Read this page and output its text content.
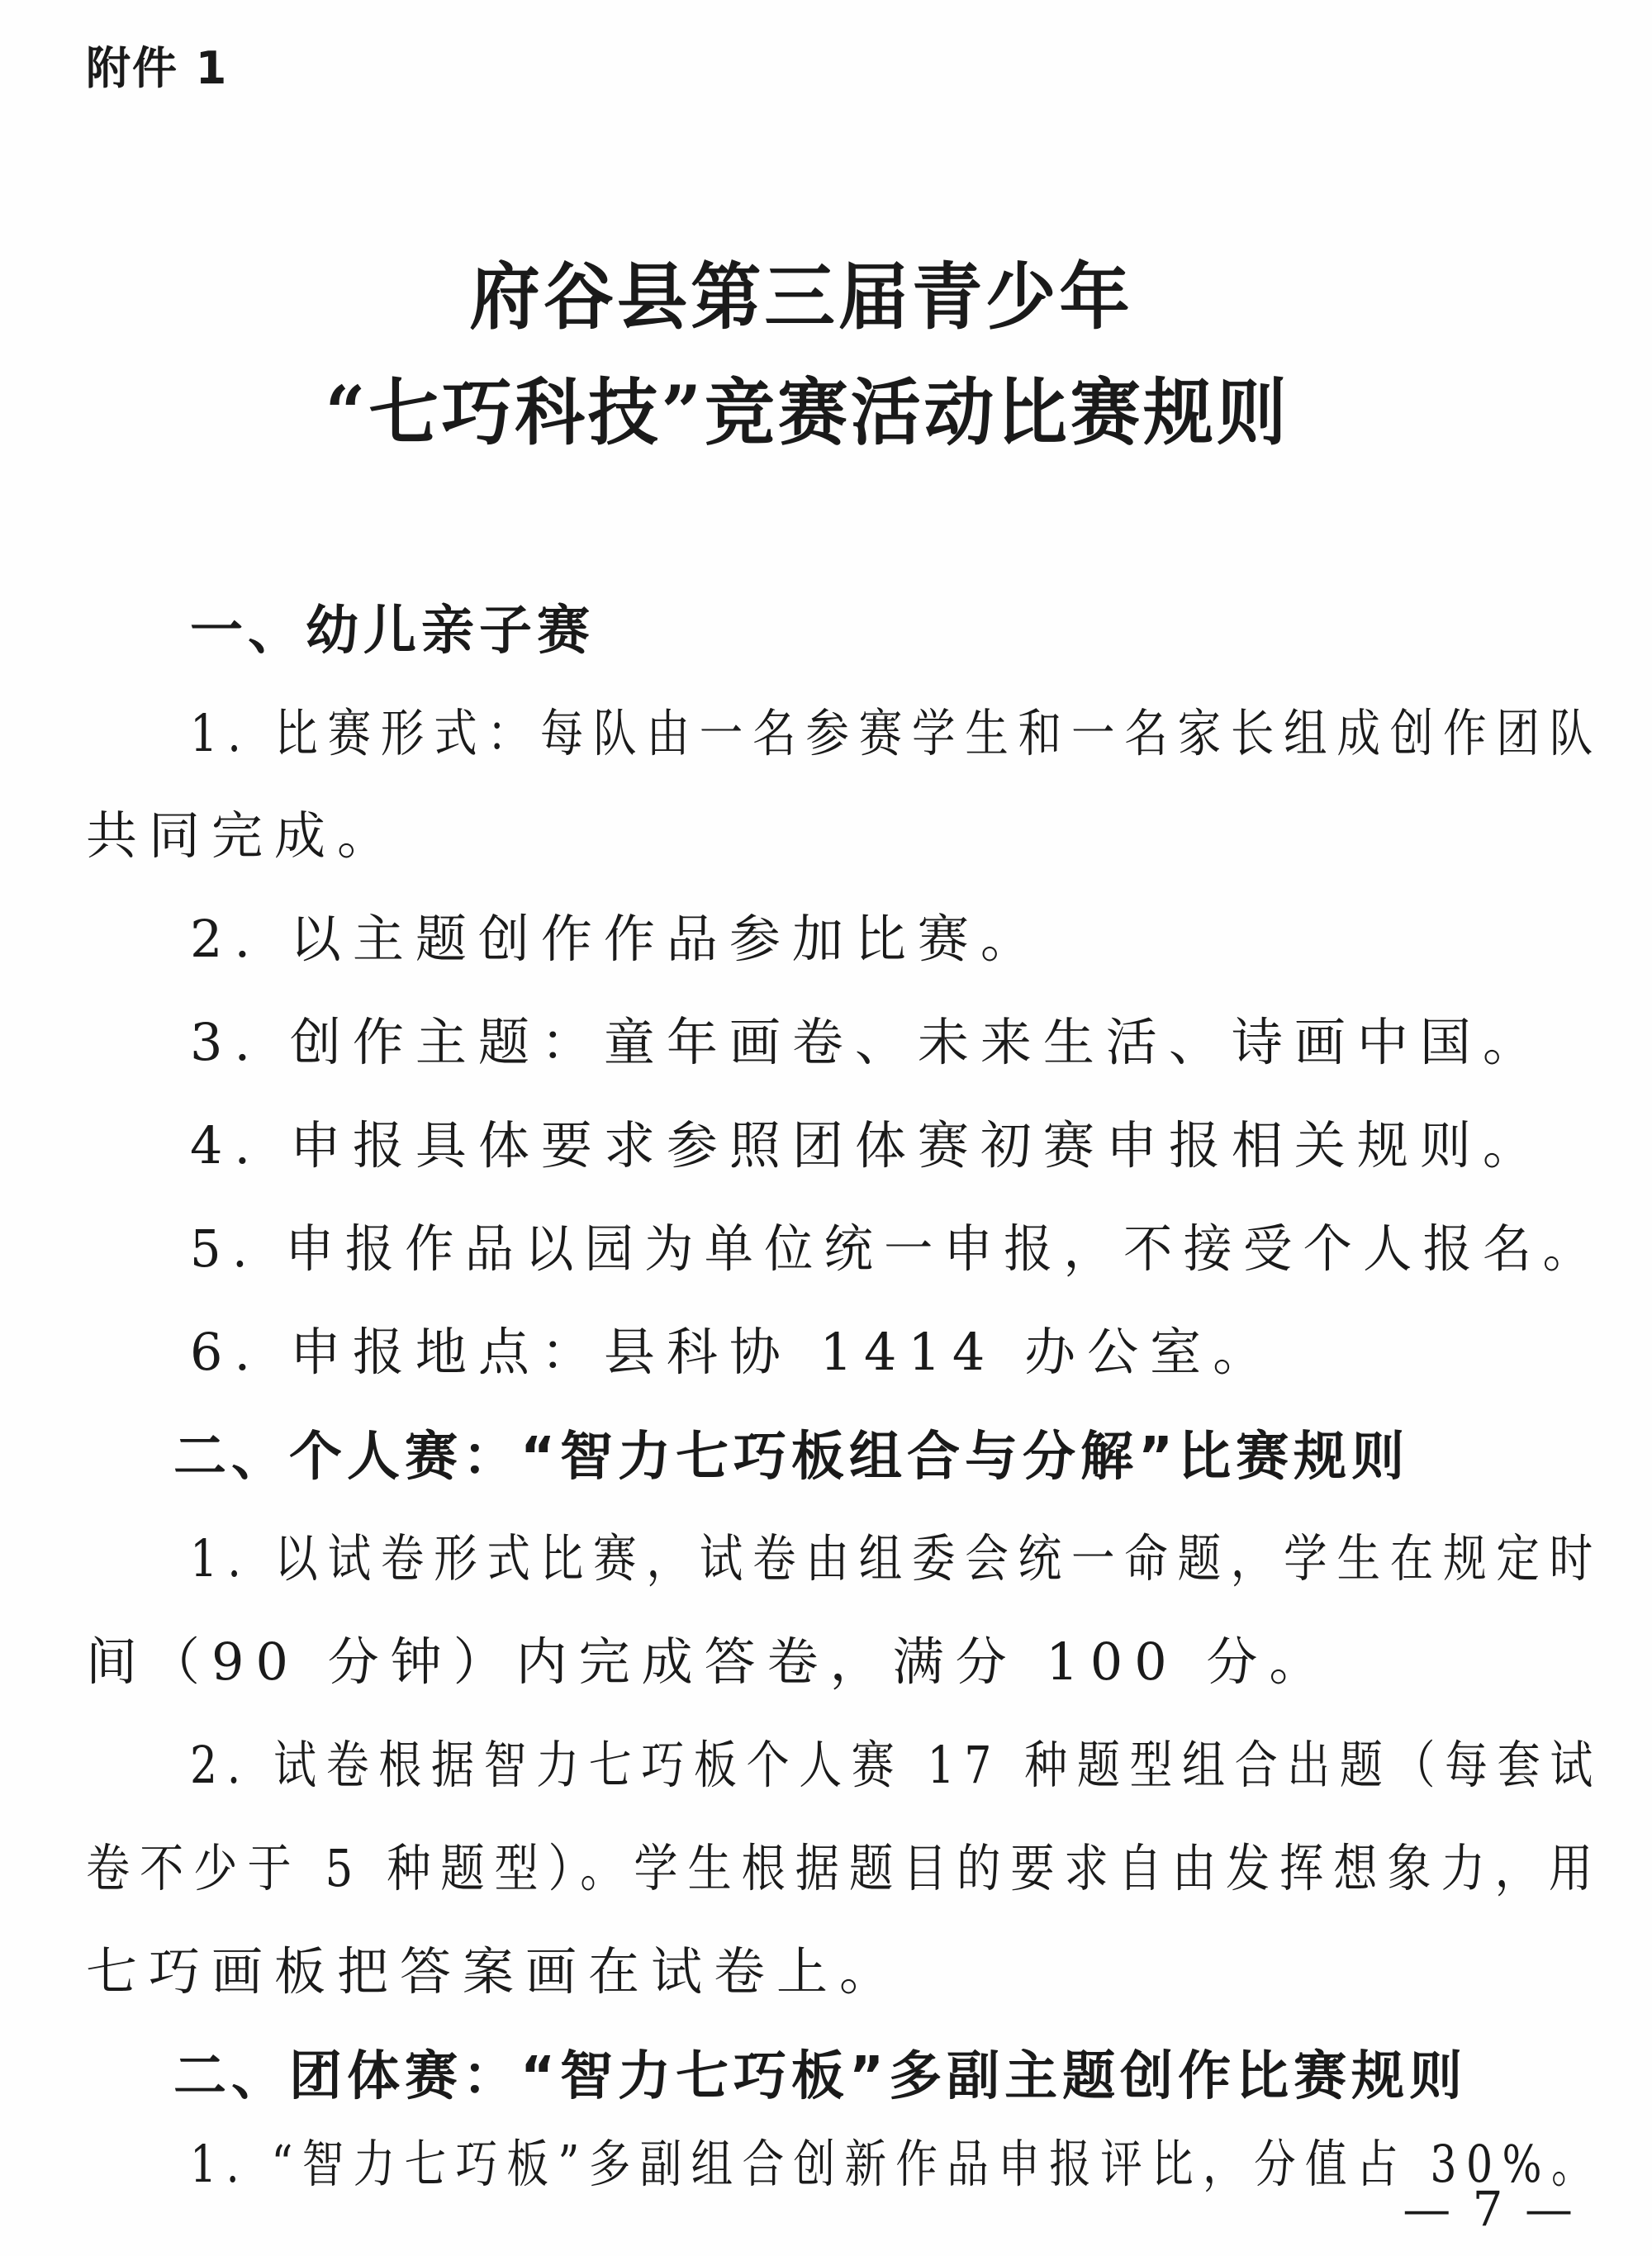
附件 1
府谷县第三届青少年
“七巧科技”竞赛活动比赛规则
一、幼儿亲子赛
1. 比赛形式：每队由一名参赛学生和一名家长组成创作团队
共同完成。
2. 以主题创作作品参加比赛。
3. 创作主题：童年画卷、未来生活、诗画中国。
4. 申报具体要求参照团体赛初赛申报相关规则。
5. 申报作品以园为单位统一申报，不接受个人报名。
6. 申报地点：县科协 1414 办公室。
二、个人赛：“智力七巧板组合与分解”比赛规则
1. 以试卷形式比赛，试卷由组委会统一命题，学生在规定时
间（90 分钟）内完成答卷，满分 100 分。
2. 试卷根据智力七巧板个人赛 17 种题型组合出题（每套试
卷不少于 5 种题型）。学生根据题目的要求自由发挥想象力，用
七巧画板把答案画在试卷上。
二、团体赛：“智力七巧板”多副主题创作比赛规则
1. “智力七巧板”多副组合创新作品申报评比，分值占 30%。
— 7 —
